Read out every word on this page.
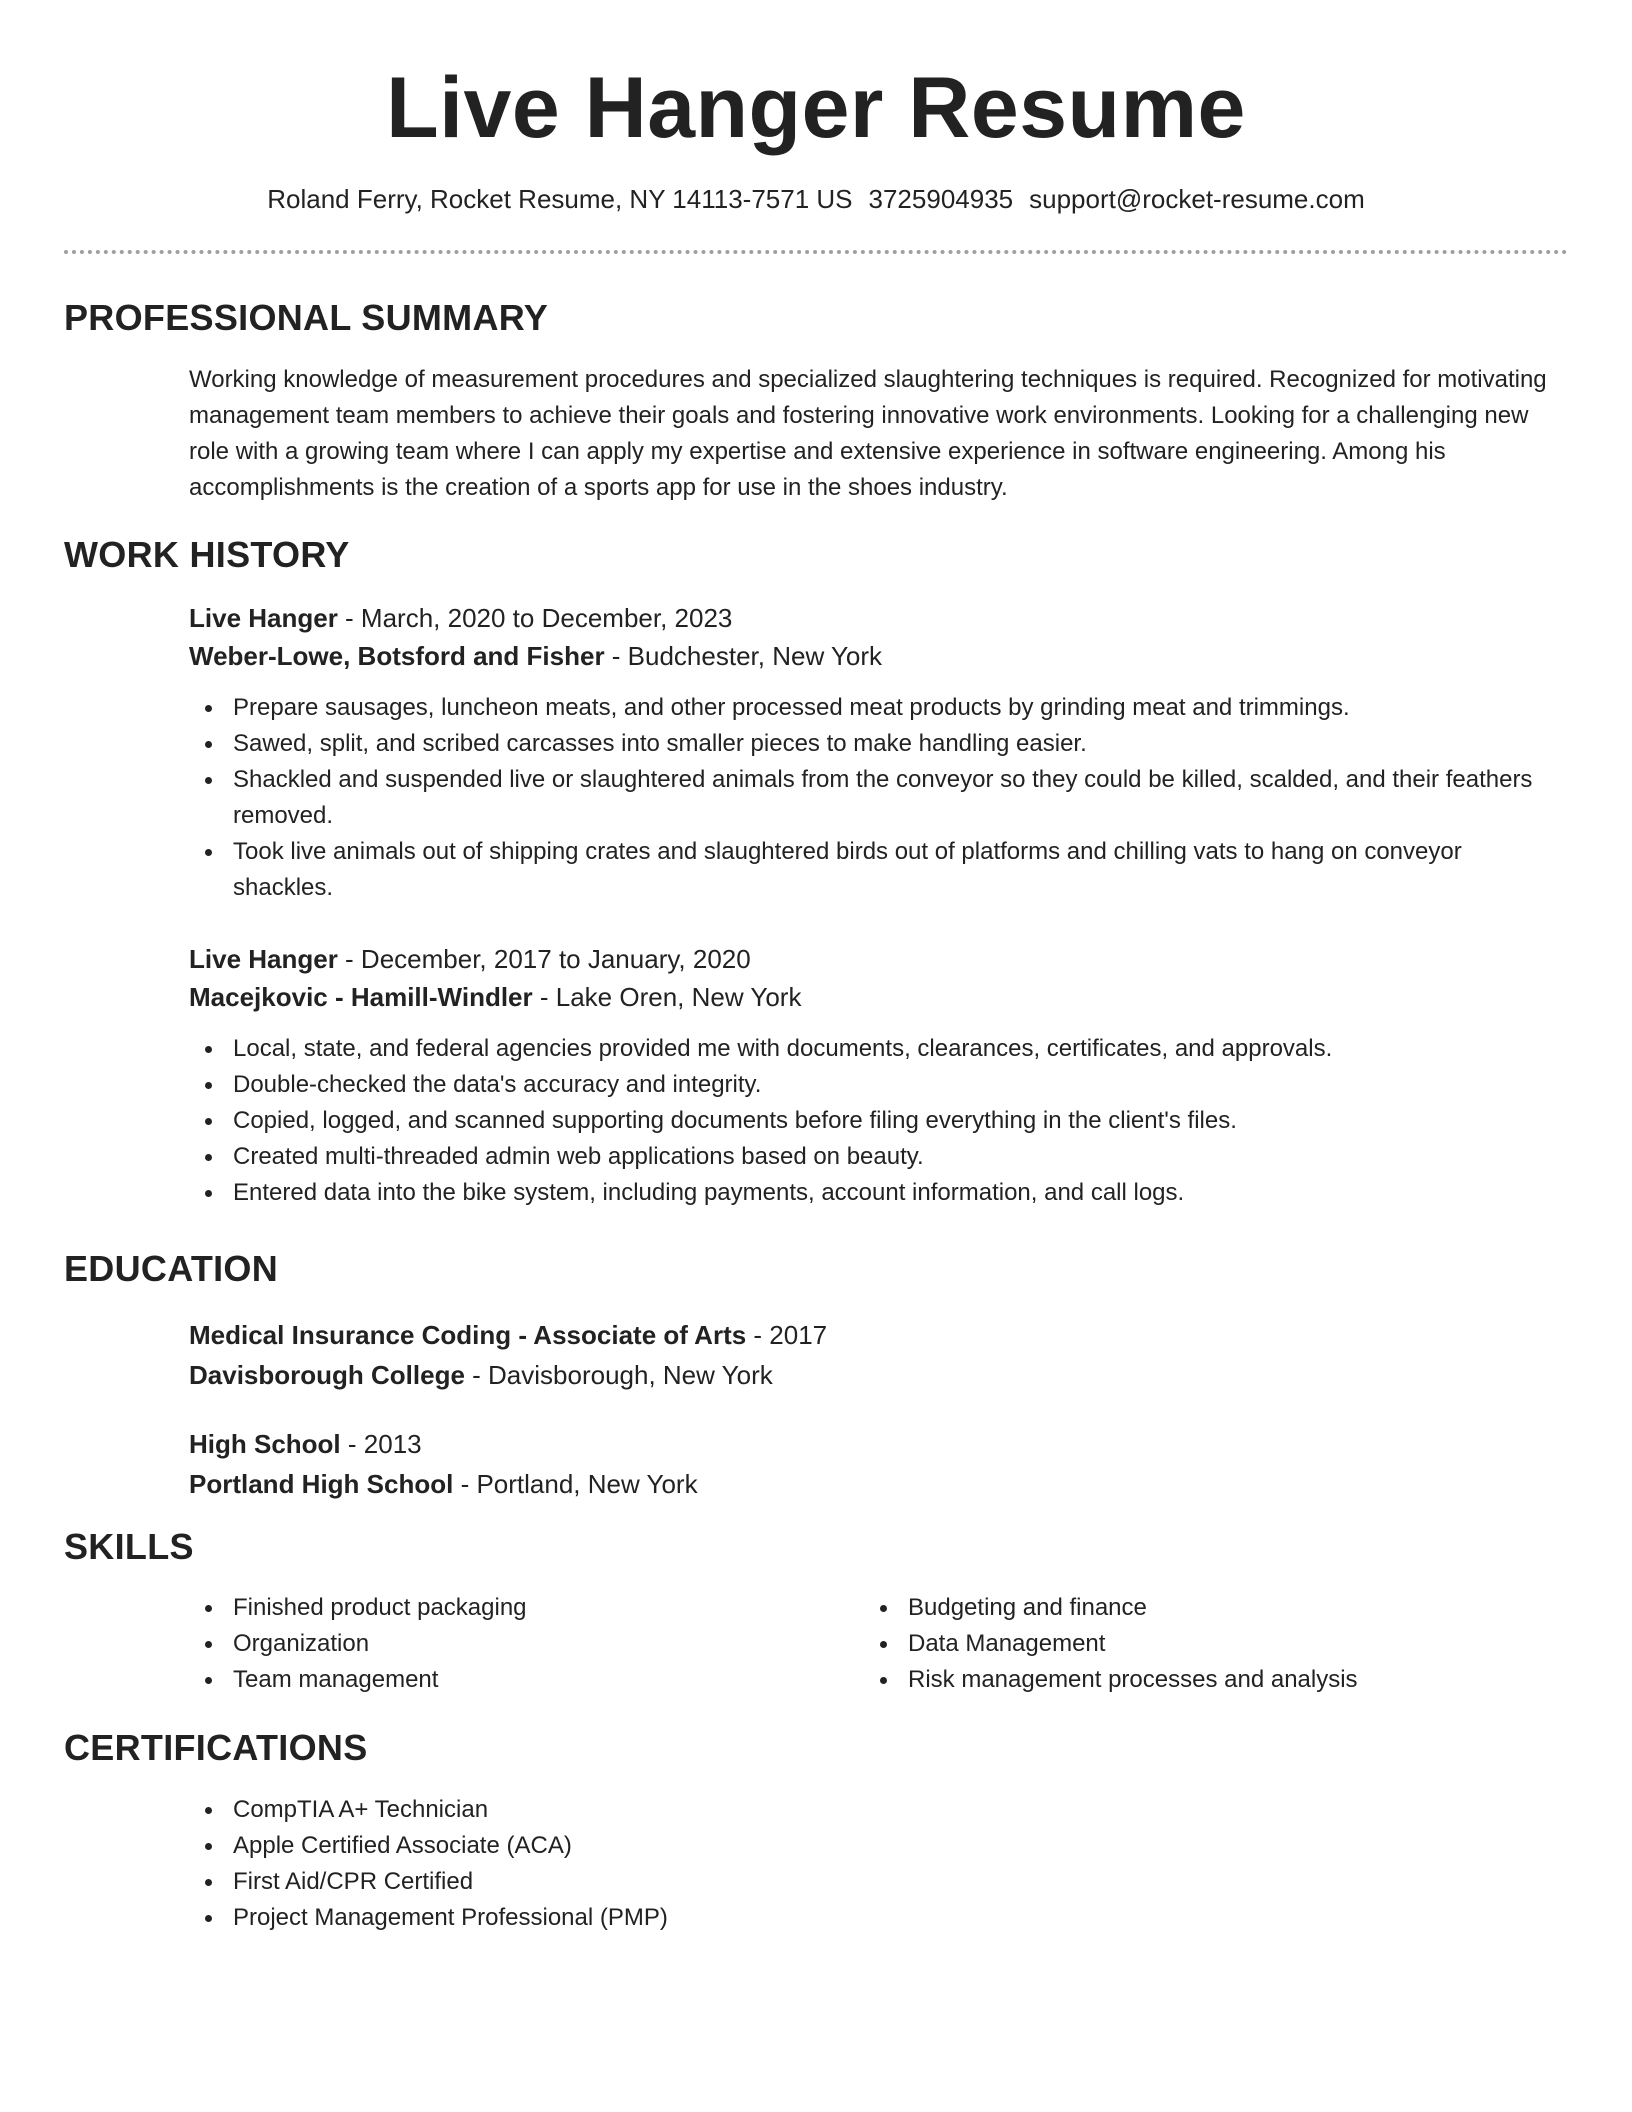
Live Hanger Resume
Roland Ferry, Rocket Resume, NY 14113-7571 US 3725904935 support@rocket-resume.com
PROFESSIONAL SUMMARY

Working knowledge of measurement procedures and specialized slaughtering techniques is required. Recognized for motivating management team members to achieve their goals and fostering innovative work environments. Looking for a challenging new role with a growing team where I can apply my expertise and extensive experience in software engineering. Among his accomplishments is the creation of a sports app for use in the shoes industry.

WORK HISTORY
Live Hanger - March, 2020 to December, 2023
Weber-Lowe, Botsford and Fisher - Budchester, New York
Prepare sausages, luncheon meats, and other processed meat products by grinding meat and trimmings.
Sawed, split, and scribed carcasses into smaller pieces to make handling easier.
Shackled and suspended live or slaughtered animals from the conveyor so they could be killed, scalded, and their feathers removed.
Took live animals out of shipping crates and slaughtered birds out of platforms and chilling vats to hang on conveyor shackles.
Live Hanger - December, 2017 to January, 2020
Macejkovic - Hamill-Windler - Lake Oren, New York
Local, state, and federal agencies provided me with documents, clearances, certificates, and approvals.
Double-checked the data's accuracy and integrity.
Copied, logged, and scanned supporting documents before filing everything in the client's files.
Created multi-threaded admin web applications based on beauty.
Entered data into the bike system, including payments, account information, and call logs.
EDUCATION
Medical Insurance Coding - Associate of Arts - 2017
Davisborough College - Davisborough, New York
High School - 2013
Portland High School - Portland, New York
SKILLS
Finished product packaging
Organization
Team management
Budgeting and finance
Data Management
Risk management processes and analysis
CERTIFICATIONS
CompTIA A+ Technician
Apple Certified Associate (ACA)
First Aid/CPR Certified
Project Management Professional (PMP)
